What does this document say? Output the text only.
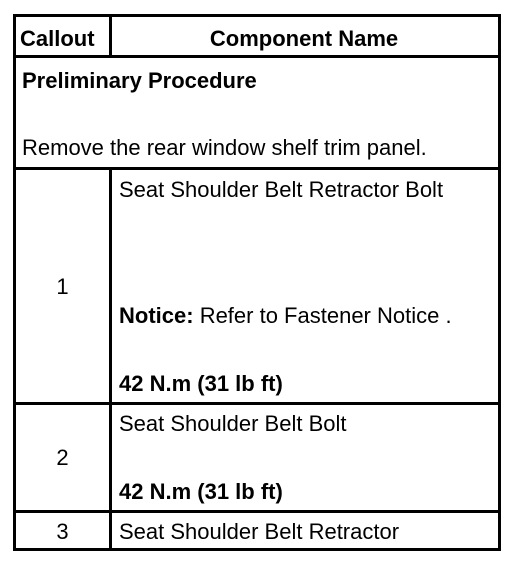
Callout	Component Name
Preliminary Procedure
Remove the rear window shelf trim panel.
1
Seat Shoulder Belt Retractor Bolt
Notice: Refer to Fastener Notice .
42 N.m (31 lb ft)
2
Seat Shoulder Belt Bolt
42 N.m (31 lb ft)
3	Seat Shoulder Belt Retractor
